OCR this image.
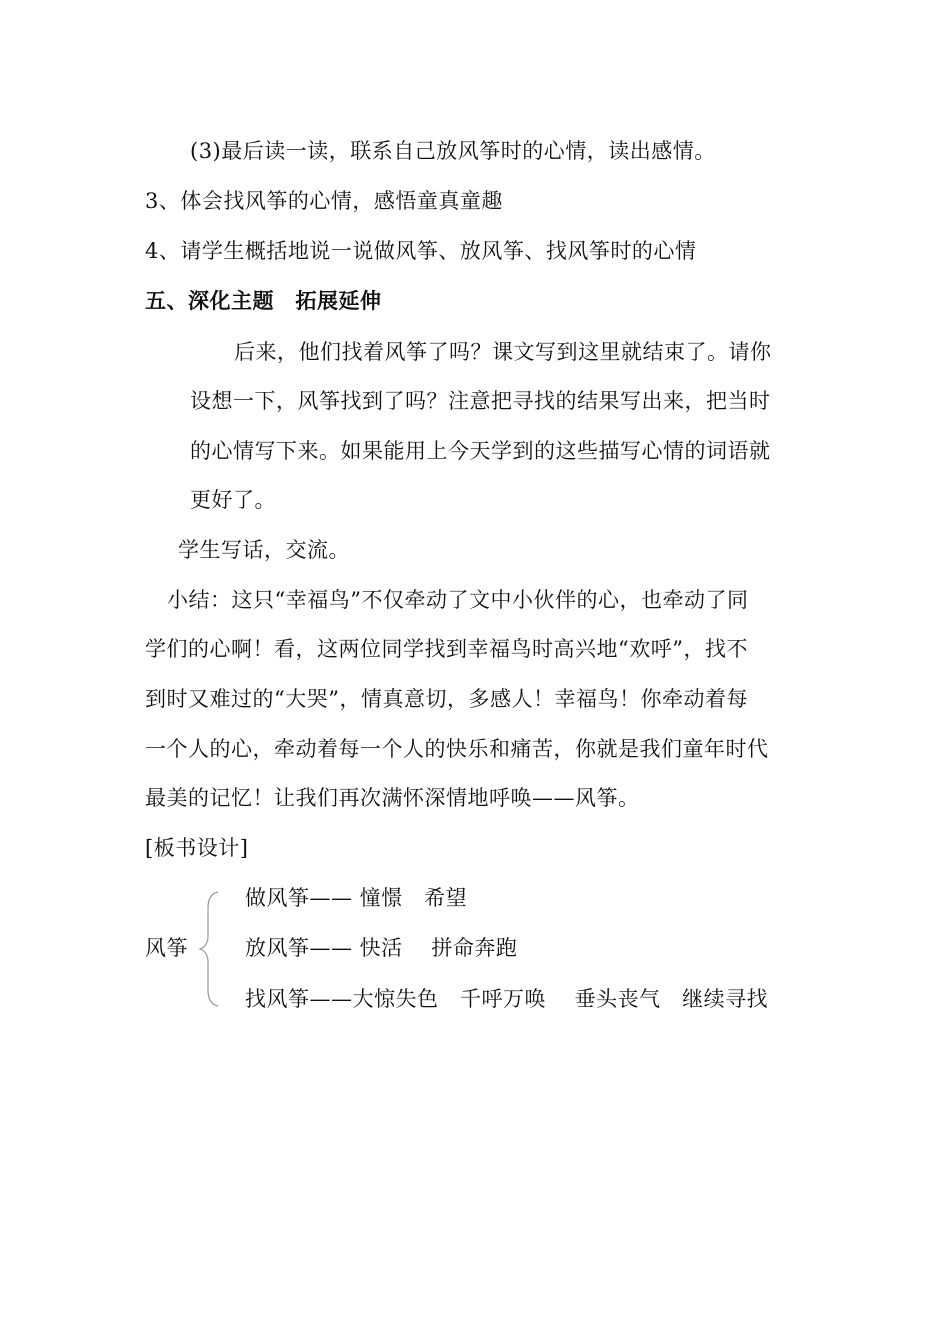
(3)最后读一读，联系自己放风筝时的心情，读出感情。
3、体会找风筝的心情，感悟童真童趣
4、请学生概括地说一说做风筝、放风筝、找风筝时的心情
五、深化主题　拓展延伸
后来，他们找着风筝了吗？课文写到这里就结束了。请你
设想一下，风筝找到了吗？注意把寻找的结果写出来，把当时
的心情写下来。如果能用上今天学到的这些描写心情的词语就
更好了。
学生写话，交流。
小结：这只“幸福鸟”不仅牵动了文中小伙伴的心，也牵动了同
学们的心啊！看，这两位同学找到幸福鸟时高兴地“欢呼”，找不
到时又难过的“大哭”，情真意切，多感人！幸福鸟！你牵动着每
一个人的心，牵动着每一个人的快乐和痛苦，你就是我们童年时代
最美的记忆！让我们再次满怀深情地呼唤——风筝。
[板书设计]
风筝
做风筝—— 憧憬　希望
放风筝—— 快活　 拼命奔跑
找风筝——大惊失色　千呼万唤　 垂头丧气　继续寻找
